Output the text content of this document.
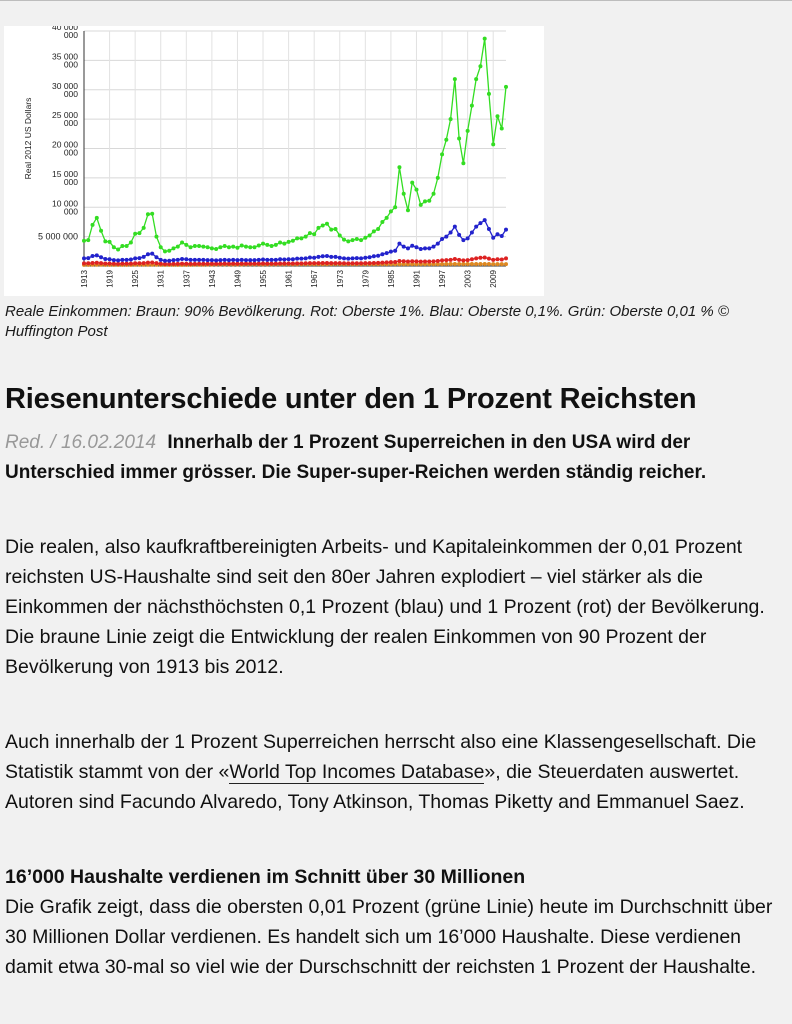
5 000 000
10 000
000
15 000
000
20 000
000
25 000
000
30 000
000
35 000
000
40 000
000
1913 1919 1925 1931 1937 1943 1949 1955 1961 1967 1973 1979 1985 1991 1997 2003 2009
Real 2012 US Dollars
Reale Einkommen: Braun: 90% Bevölkerung. Rot: Oberste 1%. Blau: Oberste 0,1%. Grün: Oberste 0,01 % © Huffington Post
Riesenunterschiede unter den 1 Prozent Reichsten
Red. / 16.02.2014 Innerhalb der 1 Prozent Superreichen in den USA wird der Unterschied immer grösser. Die Super-super-Reichen werden ständig reicher.
Die realen, also kaufkraftbereinigten Arbeits- und Kapitaleinkommen der 0,01 Prozent reichsten US-Haushalte sind seit den 80er Jahren explodiert – viel stärker als die Einkommen der nächsthöchsten 0,1 Prozent (blau) und 1 Prozent (rot) der Bevölkerung.
Die braune Linie zeigt die Entwicklung der realen Einkommen von 90 Prozent der Bevölkerung von 1913 bis 2012.
Auch innerhalb der 1 Prozent Superreichen herrscht also eine Klassengesellschaft. Die Statistik stammt von der «World Top Incomes Database», die Steuerdaten auswertet. Autoren sind Facundo Alvaredo, Tony Atkinson, Thomas Piketty and Emmanuel Saez.
16’000 Haushalte verdienen im Schnitt über 30 Millionen
Die Grafik zeigt, dass die obersten 0,01 Prozent (grüne Linie) heute im Durchschnitt über 30 Millionen Dollar verdienen. Es handelt sich um 16’000 Haushalte. Diese verdienen damit etwa 30-mal so viel wie der Durschschnitt der reichsten 1 Prozent der Haushalte.
